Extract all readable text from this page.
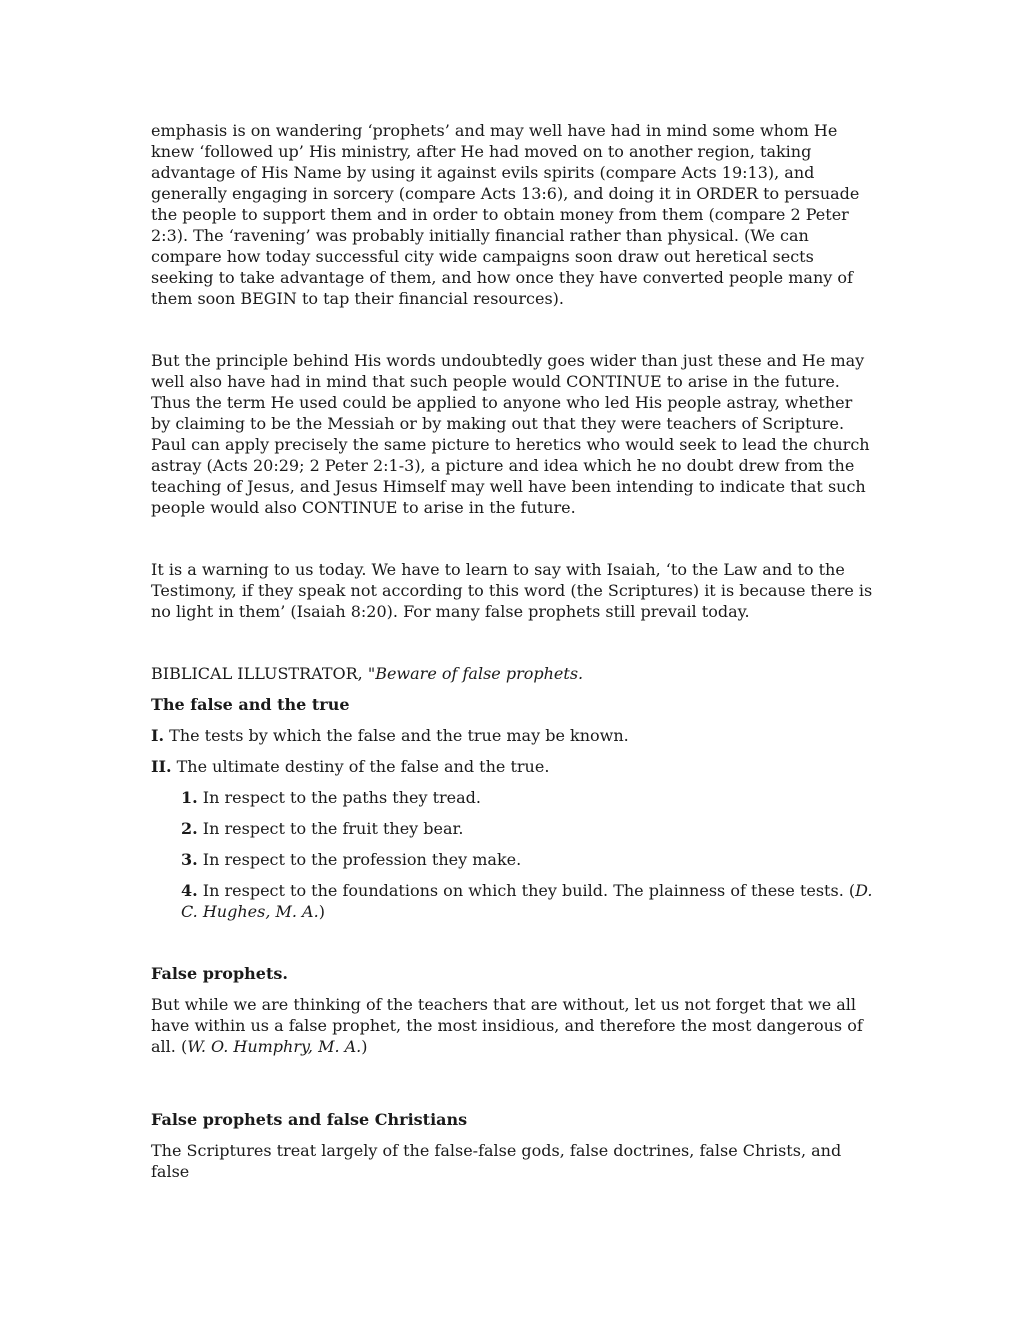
emphasis is on wandering ‘prophets’ and may well have had in mind some whom He knew ‘followed up’ His ministry, after He had moved on to another region, taking advantage of His Name by using it against evils spirits (compare Acts 19:13), and generally engaging in sorcery (compare Acts 13:6), and doing it in ORDER to persuade the people to support them and in order to obtain money from them (compare 2 Peter 2:3). The ‘ravening’ was probably initially financial rather than physical. (We can compare how today successful city wide campaigns soon draw out heretical sects seeking to take advantage of them, and how once they have converted people many of them soon BEGIN to tap their financial resources).

But the principle behind His words undoubtedly goes wider than just these and He may well also have had in mind that such people would CONTINUE to arise in the future. Thus the term He used could be applied to anyone who led His people astray, whether by claiming to be the Messiah or by making out that they were teachers of Scripture. Paul can apply precisely the same picture to heretics who would seek to lead the church astray (Acts 20:29; 2 Peter 2:1-3), a picture and idea which he no doubt drew from the teaching of Jesus, and Jesus Himself may well have been intending to indicate that such people would also CONTINUE to arise in the future.

It is a warning to us today. We have to learn to say with Isaiah, ‘to the Law and to the Testimony, if they speak not according to this word (the Scriptures) it is because there is no light in them’ (Isaiah 8:20). For many false prophets still prevail today.

BIBLICAL ILLUSTRATOR, "Beware of false prophets.

The false and the true

I. The tests by which the false and the true may be known.

II. The ultimate destiny of the false and the true.

1. In respect to the paths they tread.

2. In respect to the fruit they bear.

3. In respect to the profession they make.

4. In respect to the foundations on which they build. The plainness of these tests. (D. C. Hughes, M. A.)

False prophets.

But while we are thinking of the teachers that are without, let us not forget that we all have within us a false prophet, the most insidious, and therefore the most dangerous of all. (W. O. Humphry, M. A.)

False prophets and false Christians

The Scriptures treat largely of the false-false gods, false doctrines, false Christs, and false
